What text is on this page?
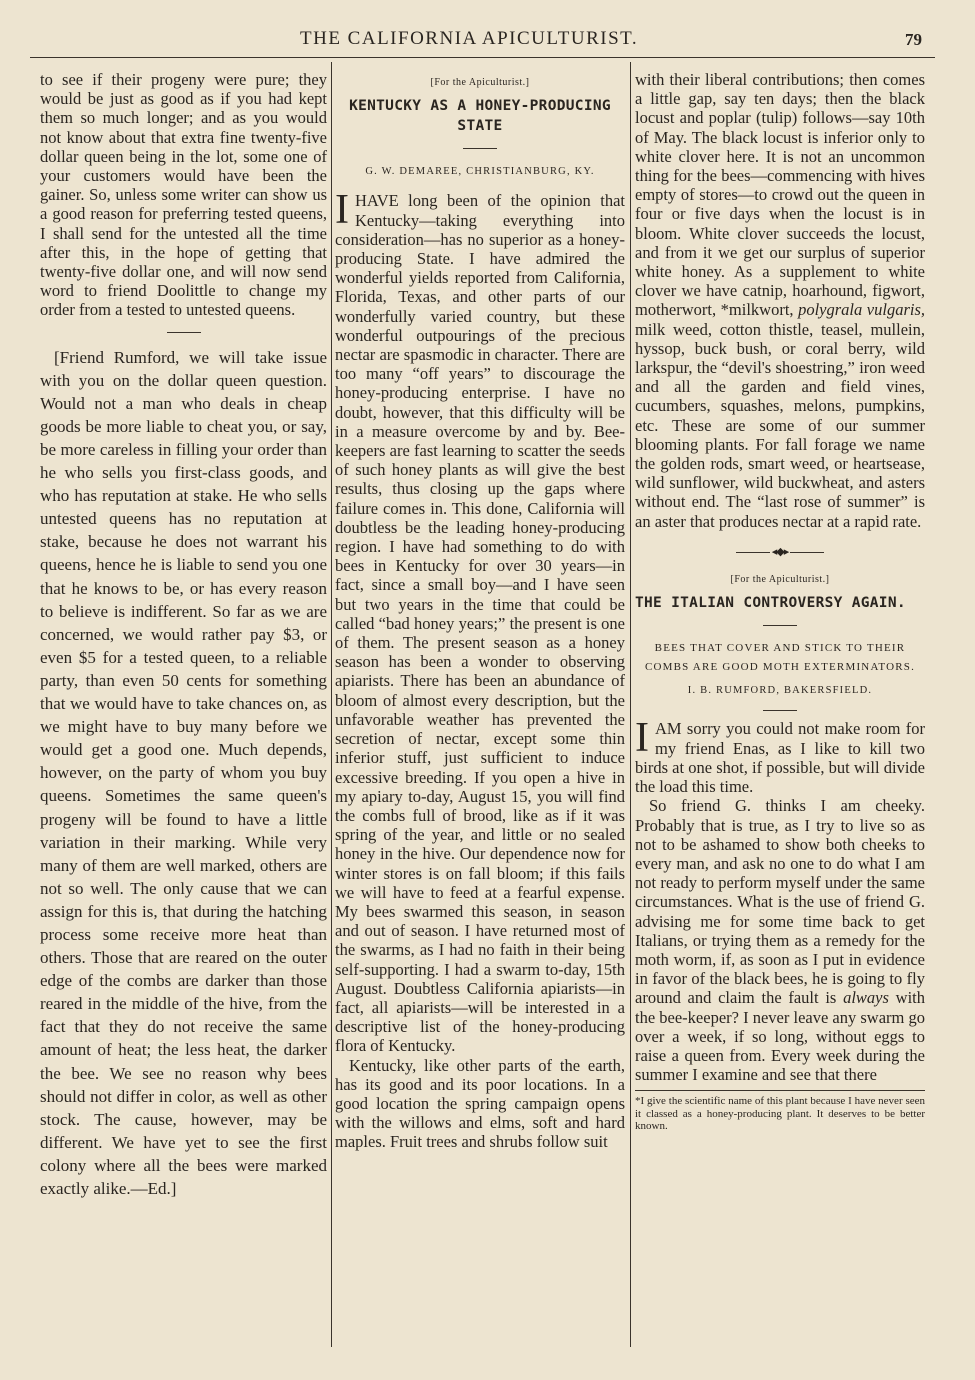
THE CALIFORNIA APICULTURIST.	79

to see if their progeny were pure; they would be just as good as if you had kept them so much longer; and as you would not know about that extra fine twenty-five dollar queen being in the lot, some one of your customers would have been the gainer. So, unless some writer can show us a good reason for preferring tested queens, I shall send for the untested all the time after this, in the hope of getting that twenty-five dollar one, and will now send word to friend Doolittle to change my order from a tested to untested queens.

[Friend Rumford, we will take issue with you on the dollar queen question. Would not a man who deals in cheap goods be more liable to cheat you, or say, be more careless in filling your order than he who sells you first-class goods, and who has reputation at stake. He who sells untested queens has no reputation at stake, because he does not warrant his queens, hence he is liable to send you one that he knows to be, or has every reason to believe is indifferent. So far as we are concerned, we would rather pay $3, or even $5 for a tested queen, to a reliable party, than even 50 cents for something that we would have to take chances on, as we might have to buy many before we would get a good one. Much depends, however, on the party of whom you buy queens. Sometimes the same queen's progeny will be found to have a little variation in their marking. While very many of them are well marked, others are not so well. The only cause that we can assign for this is, that during the hatching process some receive more heat than others. Those that are reared on the outer edge of the combs are darker than those reared in the middle of the hive, from the fact that they do not receive the same amount of heat; the less heat, the darker the bee. We see no reason why bees should not differ in color, as well as other stock. The cause, however, may be different. We have yet to see the first colony where all the bees were marked exactly alike.—Ed.]

[For the Apiculturist.]
KENTUCKY AS A HONEY-PRODUCING STATE
G. W. DEMAREE, CHRISTIANBURG, KY.

IHAVE long been of the opinion that Kentucky—taking everything into consideration—has no superior as a honey-producing State. I have admired the wonderful yields reported from California, Florida, Texas, and other parts of our wonderfully varied country, but these wonderful outpourings of the precious nectar are spasmodic in character. There are too many “off years” to discourage the honey-producing enterprise. I have no doubt, however, that this difficulty will be in a measure overcome by and by. Bee-keepers are fast learning to scatter the seeds of such honey plants as will give the best results, thus closing up the gaps where failure comes in. This done, California will doubtless be the leading honey-producing region. I have had something to do with bees in Kentucky for over 30 years—in fact, since a small boy—and I have seen but two years in the time that could be called “bad honey years;” the present is one of them. The present season as a honey season has been a wonder to observing apiarists. There has been an abundance of bloom of almost every description, but the unfavorable weather has prevented the secretion of nectar, except some thin inferior stuff, just sufficient to induce excessive breeding. If you open a hive in my apiary to-day, August 15, you will find the combs full of brood, like as if it was spring of the year, and little or no sealed honey in the hive. Our dependence now for winter stores is on fall bloom; if this fails we will have to feed at a fearful expense. My bees swarmed this season, in season and out of season. I have returned most of the swarms, as I had no faith in their being self-supporting. I had a swarm to-day, 15th August. Doubtless California apiarists—in fact, all apiarists—will be interested in a descriptive list of the honey-producing flora of Kentucky.

Kentucky, like other parts of the earth, has its good and its poor locations. In a good location the spring campaign opens with the willows and elms, soft and hard maples. Fruit trees and shrubs follow suit

with their liberal contributions; then comes a little gap, say ten days; then the black locust and poplar (tulip) follows—say 10th of May. The black locust is inferior only to white clover here. It is not an uncommon thing for the bees—commencing with hives empty of stores—to crowd out the queen in four or five days when the locust is in bloom. White clover succeeds the locust, and from it we get our surplus of superior white honey. As a supplement to white clover we have catnip, hoarhound, figwort, motherwort, *milkwort, polygrala vulgaris, milk weed, cotton thistle, teasel, mullein, hyssop, buck bush, or coral berry, wild larkspur, the “devil's shoestring,” iron weed and all the garden and field vines, cucumbers, squashes, melons, pumpkins, etc. These are some of our summer blooming plants. For fall forage we name the golden rods, smart weed, or heartsease, wild sunflower, wild buckwheat, and asters without end. The “last rose of summer” is an aster that produces nectar at a rapid rate.

◂◆▸
[For the Apiculturist.]
THE ITALIAN CONTROVERSY AGAIN.
BEES THAT COVER AND STICK TO THEIR COMBS ARE GOOD MOTH EXTERMINATORS.
I. B. RUMFORD, BAKERSFIELD.

IAM sorry you could not make room for my friend Enas, as I like to kill two birds at one shot, if possible, but will divide the load this time.

So friend G. thinks I am cheeky. Probably that is true, as I try to live so as not to be ashamed to show both cheeks to every man, and ask no one to do what I am not ready to perform myself under the same circumstances. What is the use of friend G. advising me for some time back to get Italians, or trying them as a remedy for the moth worm, if, as soon as I put in evidence in favor of the black bees, he is going to fly around and claim the fault is always with the bee-keeper? I never leave any swarm go over a week, if so long, without eggs to raise a queen from. Every week during the summer I examine and see that there

*I give the scientific name of this plant because I have never seen it classed as a honey-producing plant. It deserves to be better known.
